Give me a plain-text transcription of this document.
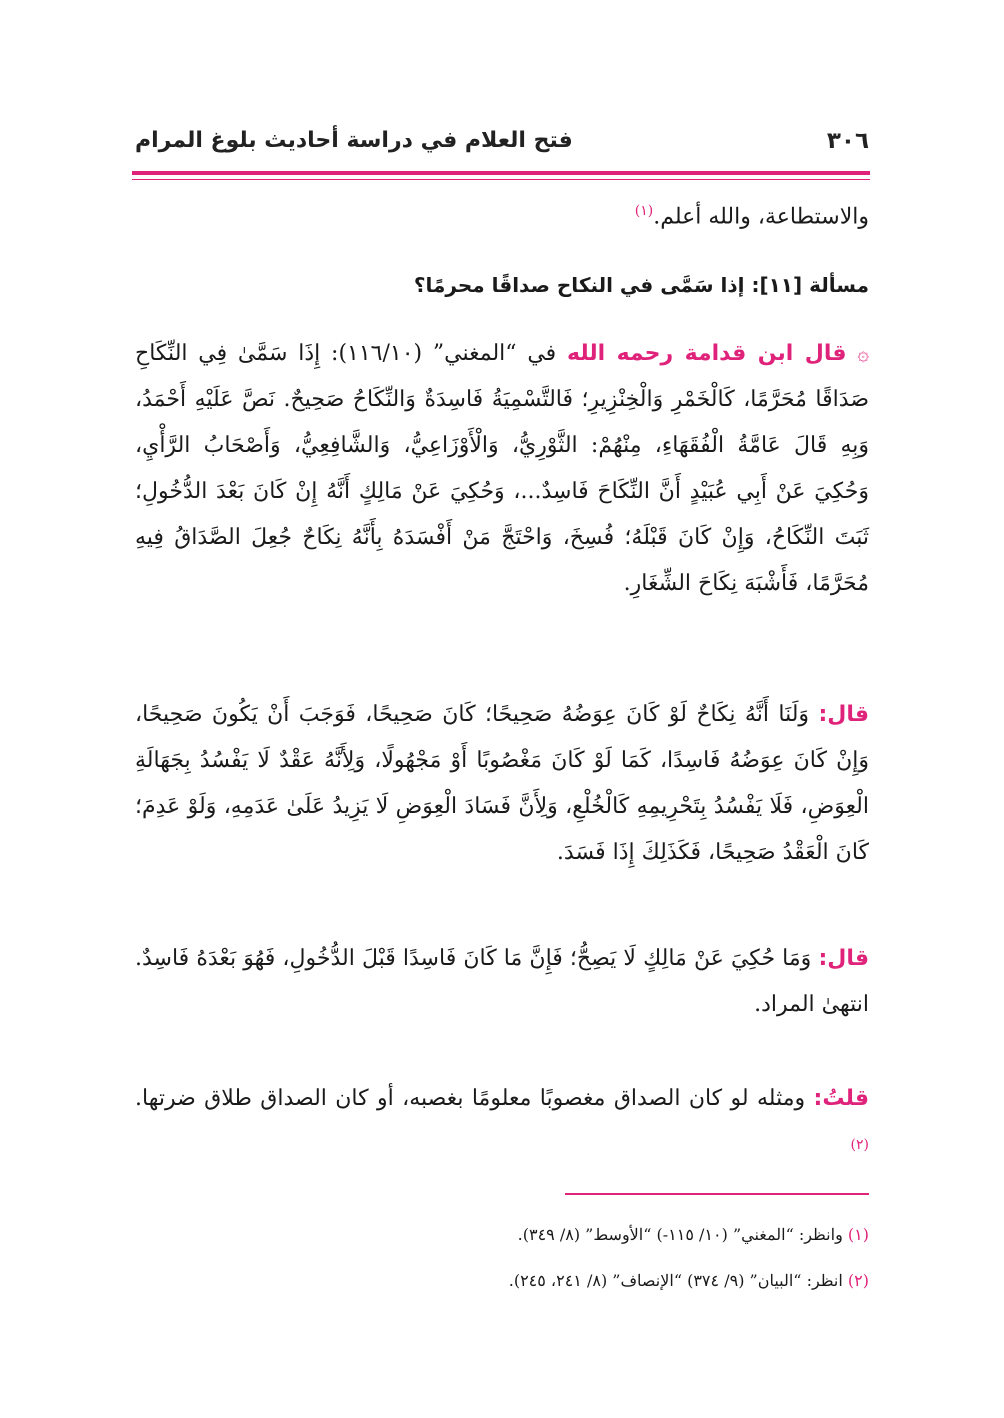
٣٠٦
فتح العلام في دراسة أحاديث بلوغ المرام
والاستطاعة، والله أعلم.$^{(١)}$
مسألة [١١]: إذا سَمَّى في النكاح صداقًا محرمًا؟
۞ قال ابن قدامة رحمه الله في “المغني” (١١٦/١٠): إِذَا سَمَّىٰ فِي النِّكَاحِ صَدَاقًا مُحَرَّمًا، كَالْخَمْرِ وَالْخِنْزِيرِ؛ فَالتَّسْمِيَةُ فَاسِدَةٌ وَالنِّكَاحُ صَحِيحٌ. نَصَّ عَلَيْهِ أَحْمَدُ، وَبِهِ قَالَ عَامَّةُ الْفُقَهَاءِ، مِنْهُمْ: الثَّوْرِيُّ، وَالْأَوْزَاعِيُّ، وَالشَّافِعِيُّ، وَأَصْحَابُ الرَّأْيِ، وَحُكِيَ عَنْ أَبِي عُبَيْدٍ أَنَّ النِّكَاحَ فَاسِدٌ...، وَحُكِيَ عَنْ مَالِكٍ أَنَّهُ إِنْ كَانَ بَعْدَ الدُّخُولِ؛ ثَبَتَ النِّكَاحُ، وَإِنْ كَانَ قَبْلَهُ؛ فُسِخَ، وَاحْتَجَّ مَنْ أَفْسَدَهُ بِأَنَّهُ نِكَاحٌ جُعِلَ الصَّدَاقُ فِيهِ مُحَرَّمًا، فَأَشْبَهَ نِكَاحَ الشِّغَارِ.
قال: وَلَنَا أَنَّهُ نِكَاحٌ لَوْ كَانَ عِوَضُهُ صَحِيحًا؛ كَانَ صَحِيحًا، فَوَجَبَ أَنْ يَكُونَ صَحِيحًا، وَإِنْ كَانَ عِوَضُهُ فَاسِدًا، كَمَا لَوْ كَانَ مَغْصُوبًا أَوْ مَجْهُولًا، وَلِأَنَّهُ عَقْدٌ لَا يَفْسُدُ بِجَهَالَةِ الْعِوَضِ، فَلَا يَفْسُدُ بِتَحْرِيمِهِ كَالْخُلْعِ، وَلِأَنَّ فَسَادَ الْعِوَضِ لَا يَزِيدُ عَلَىٰ عَدَمِهِ، وَلَوْ عَدِمَ؛ كَانَ الْعَقْدُ صَحِيحًا، فَكَذَلِكَ إِذَا فَسَدَ.
قال: وَمَا حُكِيَ عَنْ مَالِكٍ لَا يَصِحُّ؛ فَإِنَّ مَا كَانَ فَاسِدًا قَبْلَ الدُّخُولِ، فَهُوَ بَعْدَهُ فَاسِدٌ. انتهىٰ المراد.
قلتُ: ومثله لو كان الصداق مغصوبًا معلومًا بغصبه، أو كان الصداق طلاق ضرتها.$^{(٢)}$
(١) وانظر: “المغني” (١٠/ ١١٥-) “الأوسط” (٨/ ٣٤٩).
(٢) انظر: “البيان” (٩/ ٣٧٤) “الإنصاف” (٨/ ٢٤١، ٢٤٥).
